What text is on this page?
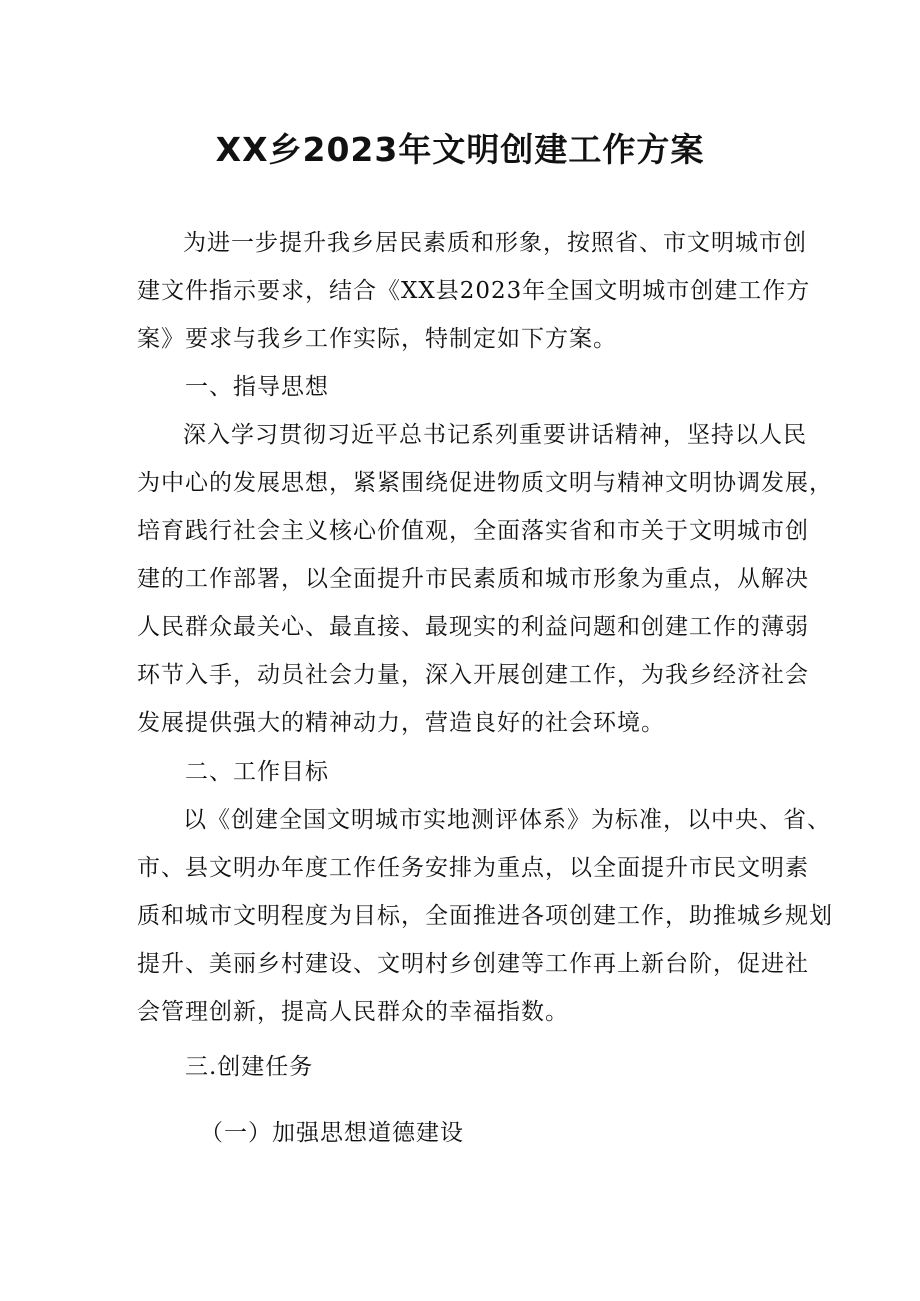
XX乡2023年文明创建工作方案
为进一步提升我乡居民素质和形象，按照省、市文明城市创
建文件指示要求，结合《XX县2023年全国文明城市创建工作方
案》要求与我乡工作实际，特制定如下方案。
一、指导思想
深入学习贯彻习近平总书记系列重要讲话精神，坚持以人民
为中心的发展思想，紧紧围绕促进物质文明与精神文明协调发展，
培育践行社会主义核心价值观，全面落实省和市关于文明城市创
建的工作部署，以全面提升市民素质和城市形象为重点，从解决
人民群众最关心、最直接、最现实的利益问题和创建工作的薄弱
环节入手，动员社会力量，深入开展创建工作，为我乡经济社会
发展提供强大的精神动力，营造良好的社会环境。
二、工作目标
以《创建全国文明城市实地测评体系》为标准，以中央、省、
市、县文明办年度工作任务安排为重点，以全面提升市民文明素
质和城市文明程度为目标，全面推进各项创建工作，助推城乡规划
提升、美丽乡村建设、文明村乡创建等工作再上新台阶，促进社
会管理创新，提高人民群众的幸福指数。
三.创建任务
（一）加强思想道德建设
